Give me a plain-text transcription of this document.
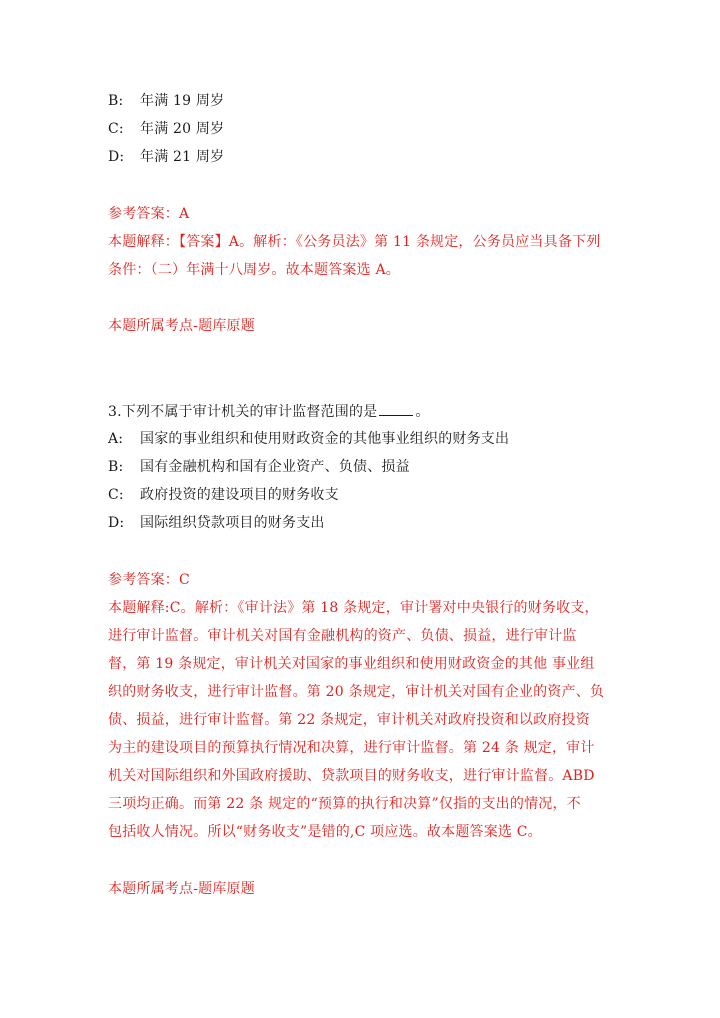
B: 年满 19 周岁
C: 年满 20 周岁
D: 年满 21 周岁
参考答案：A
本题解释：【答案】A。解析：《公务员法》第 11 条规定，公务员应当具备下列
条件：（二）年满十八周岁。故本题答案选 A。
本题所属考点-题库原题
3.下列不属于审计机关的审计监督范围的是	。
A: 国家的事业组织和使用财政资金的其他事业组织的财务支出
B: 国有金融机构和国有企业资产、负债、损益
C: 政府投资的建设项目的财务收支
D: 国际组织贷款项目的财务支出
参考答案：C
本题解释:C。解析：《审计法》第 18 条规定，审计署对中央银行的财务收支，
进行审计监督。审计机关对国有金融机构的资产、负债、损益，进行审计监
督，第 19 条规定，审计机关对国家的事业组织和使用财政资金的其他 事业组
织的财务收支，进行审计监督。第 20 条规定，审计机关对国有企业的资产、负
债、损益，进行审计监督。第 22 条规定，审计机关对政府投资和以政府投资
为主的建设项目的预算执行情况和决算，进行审计监督。第 24 条 规定，审计
机关对国际组织和外国政府援助、贷款项目的财务收支，进行审计监督。ABD
三项均正确。而第 22 条 规定的“预算的执行和决算”仅指的支出的情况，不
包括收人情况。所以“财务收支”是错的,C 项应选。故本题答案选 C。
本题所属考点-题库原题
